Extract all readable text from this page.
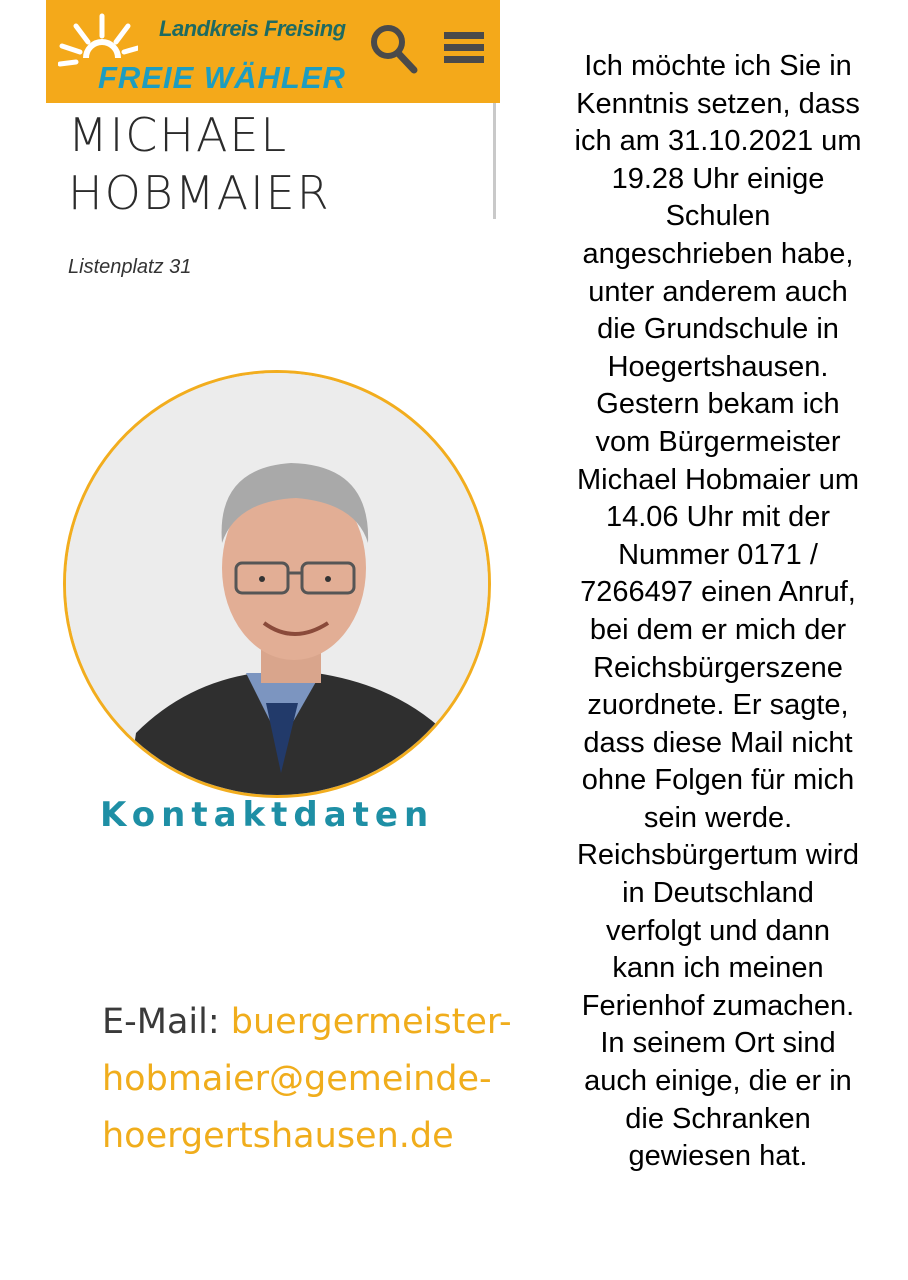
Landkreis Freising
FREIE WÄHLER
MICHAEL
HOBMAIER
Listenplatz 31
Kontaktdaten
E-Mail: buergermeister-
hobmaier@gemeinde-
hoergertshausen.de
Ich möchte ich Sie in
Kenntnis setzen, dass
ich am 31.10.2021 um
19.28 Uhr einige
Schulen
angeschrieben habe,
unter anderem auch
die Grundschule in
Hoegertshausen.
Gestern bekam ich
vom Bürgermeister
Michael Hobmaier um
14.06 Uhr mit der
Nummer 0171 /
7266497 einen Anruf,
bei dem er mich der
Reichsbürgerszene
zuordnete. Er sagte,
dass diese Mail nicht
ohne Folgen für mich
sein werde.
Reichsbürgertum wird
in Deutschland
verfolgt und dann
kann ich meinen
Ferienhof zumachen.
In seinem Ort sind
auch einige, die er in
die Schranken
gewiesen hat.
